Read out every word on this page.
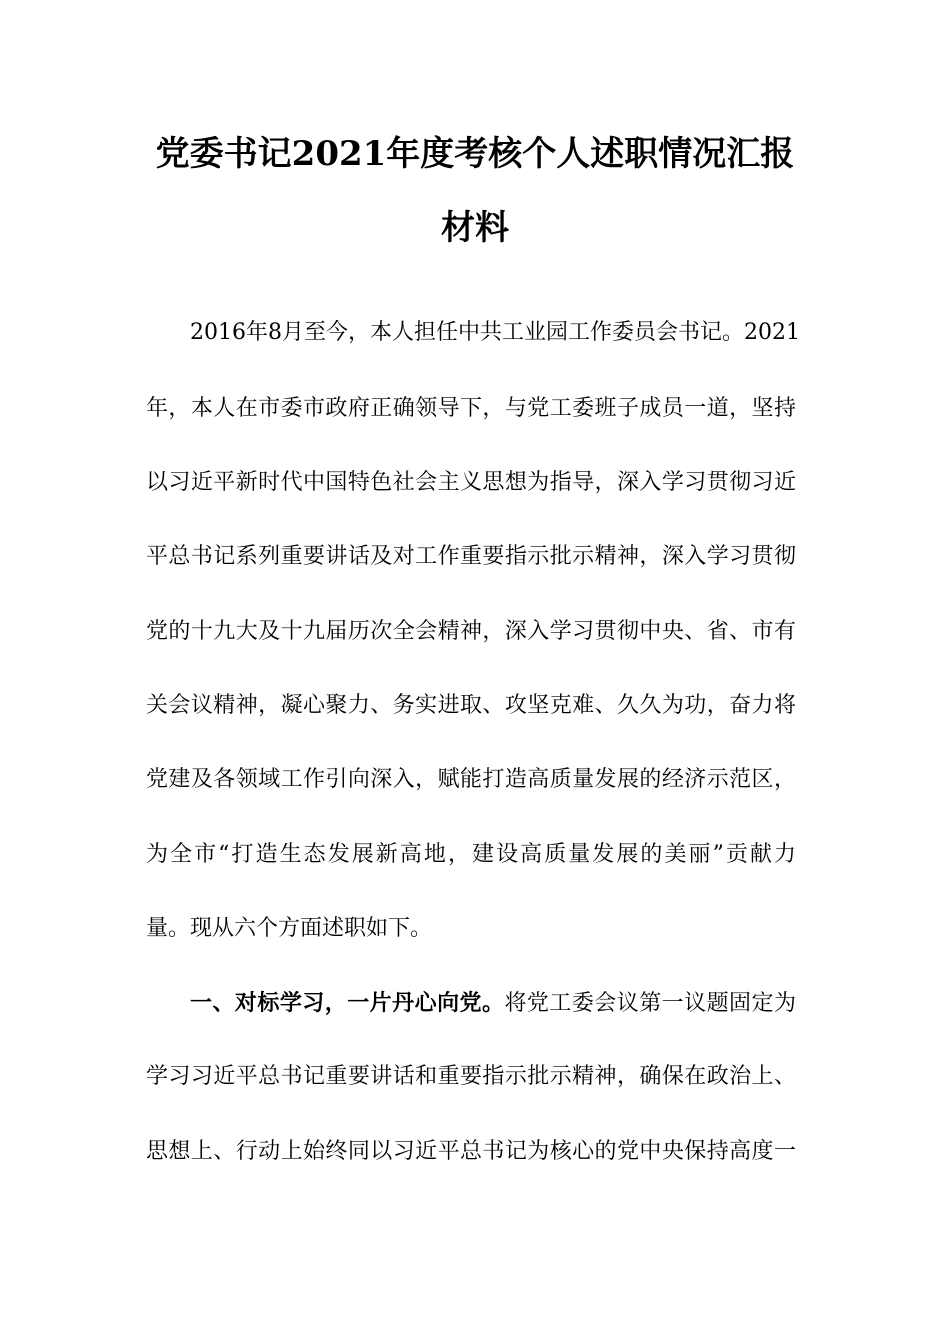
党委书记2021年度考核个人述职情况汇报
材料
2016年8月至今，本人担任中共工业园工作委员会书记。2021
年，本人在市委市政府正确领导下，与党工委班子成员一道，坚持
以习近平新时代中国特色社会主义思想为指导，深入学习贯彻习近
平总书记系列重要讲话及对工作重要指示批示精神，深入学习贯彻
党的十九大及十九届历次全会精神，深入学习贯彻中央、省、市有
关会议精神，凝心聚力、务实进取、攻坚克难、久久为功，奋力将
党建及各领域工作引向深入，赋能打造高质量发展的经济示范区，
为全市“打造生态发展新高地，建设高质量发展的美丽”贡献力
量。现从六个方面述职如下。
一、对标学习，一片丹心向党。将党工委会议第一议题固定为
学习习近平总书记重要讲话和重要指示批示精神，确保在政治上、
思想上、行动上始终同以习近平总书记为核心的党中央保持高度一
